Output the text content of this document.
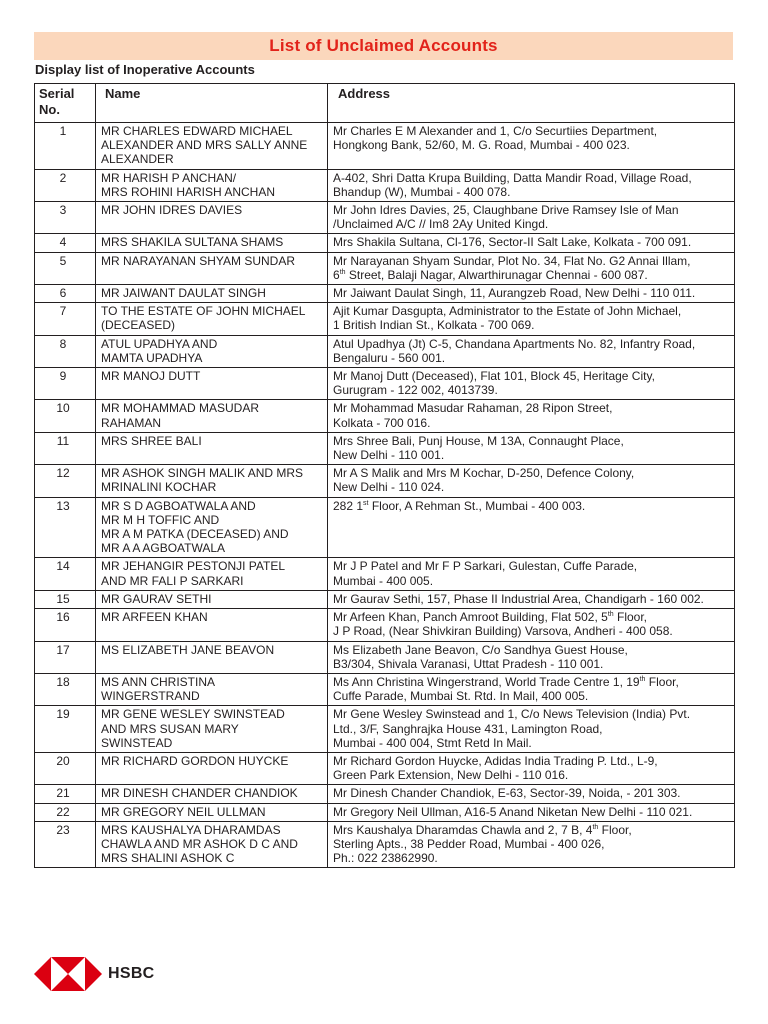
List of Unclaimed Accounts
Display list of Inoperative Accounts
Serial
No.	Name	Address
1	MR CHARLES EDWARD MICHAEL
ALEXANDER AND MRS SALLY ANNE
ALEXANDER	Mr Charles E M Alexander and 1, C/o Securtiies Department,
Hongkong Bank, 52/60, M. G. Road, Mumbai - 400 023.

2	MR HARISH P ANCHAN/
MRS ROHINI HARISH ANCHAN	A-402, Shri Datta Krupa Building, Datta Mandir Road, Village Road,
Bhandup (W), Mumbai - 400 078.

3	MR JOHN IDRES DAVIES	Mr John Idres Davies, 25, Claughbane Drive Ramsey Isle of Man
/Unclaimed A/C // Im8 2Ay United Kingd.

4	MRS SHAKILA SULTANA SHAMS	Mrs Shakila Sultana, Cl-176, Sector-II Salt Lake, Kolkata - 700 091.

5	MR NARAYANAN SHYAM SUNDAR	Mr Narayanan Shyam Sundar, Plot No. 34, Flat No. G2 Annai Illam,
6th Street, Balaji Nagar, Alwarthirunagar Chennai - 600 087.

6	MR JAIWANT DAULAT SINGH	Mr Jaiwant Daulat Singh, 11, Aurangzeb Road, New Delhi - 110 011.

7	TO THE ESTATE OF JOHN MICHAEL
(DECEASED)	Ajit Kumar Dasgupta, Administrator to the Estate of John Michael,
1 British Indian St., Kolkata - 700 069.

8	ATUL UPADHYA AND
MAMTA UPADHYA	Atul Upadhya (Jt) C-5, Chandana Apartments No. 82, Infantry Road,
Bengaluru - 560 001.

9	MR MANOJ DUTT	Mr Manoj Dutt (Deceased), Flat 101, Block 45, Heritage City,
Gurugram - 122 002, 4013739.

10	MR MOHAMMAD MASUDAR
RAHAMAN	Mr Mohammad Masudar Rahaman, 28 Ripon Street,
Kolkata - 700 016.

11	MRS SHREE BALI	Mrs Shree Bali, Punj House, M 13A, Connaught Place,
New Delhi - 110 001.

12	MR ASHOK SINGH MALIK AND MRS
MRINALINI KOCHAR	Mr A S Malik and Mrs M Kochar, D-250, Defence Colony,
New Delhi - 110 024.

13	MR S D AGBOATWALA AND
MR M H TOFFIC AND
MR A M PATKA (DECEASED) AND
MR A A AGBOATWALA	282 1st Floor, A Rehman St., Mumbai - 400 003.

14	MR JEHANGIR PESTONJI PATEL
AND MR FALI P SARKARI	Mr J P Patel and Mr F P Sarkari, Gulestan, Cuffe Parade,
Mumbai - 400 005.

15	MR GAURAV SETHI	Mr Gaurav Sethi, 157, Phase II Industrial Area, Chandigarh - 160 002.

16	MR ARFEEN KHAN	Mr Arfeen Khan, Panch Amroot Building, Flat 502, 5th Floor,
J P Road, (Near Shivkiran Building) Varsova, Andheri - 400 058.

17	MS ELIZABETH JANE BEAVON	Ms Elizabeth Jane Beavon, C/o Sandhya Guest House,
B3/304, Shivala Varanasi, Uttat Pradesh - 110 001.

18	MS ANN CHRISTINA
WINGERSTRAND	Ms Ann Christina Wingerstrand, World Trade Centre 1, 19th Floor,
Cuffe Parade, Mumbai St. Rtd. In Mail, 400 005.

19	MR GENE WESLEY SWINSTEAD
AND MRS SUSAN MARY
SWINSTEAD	Mr Gene Wesley Swinstead and 1, C/o News Television (India) Pvt.
Ltd., 3/F, Sanghrajka House 431, Lamington Road,
Mumbai - 400 004, Stmt Retd In Mail.

20	MR RICHARD GORDON HUYCKE	Mr Richard Gordon Huycke, Adidas India Trading P. Ltd., L-9,
Green Park Extension, New Delhi - 110 016.

21	MR DINESH CHANDER CHANDIOK	Mr Dinesh Chander Chandiok, E-63, Sector-39, Noida, - 201 303.

22	MR GREGORY NEIL ULLMAN	Mr Gregory Neil Ullman, A16-5 Anand Niketan New Delhi - 110 021.

23	MRS KAUSHALYA DHARAMDAS
CHAWLA AND MR ASHOK D C AND
MRS SHALINI ASHOK C	Mrs Kaushalya Dharamdas Chawla and 2, 7 B, 4th Floor,
Sterling Apts., 38 Pedder Road, Mumbai - 400 026,
Ph.: 022 23862990.
HSBC
